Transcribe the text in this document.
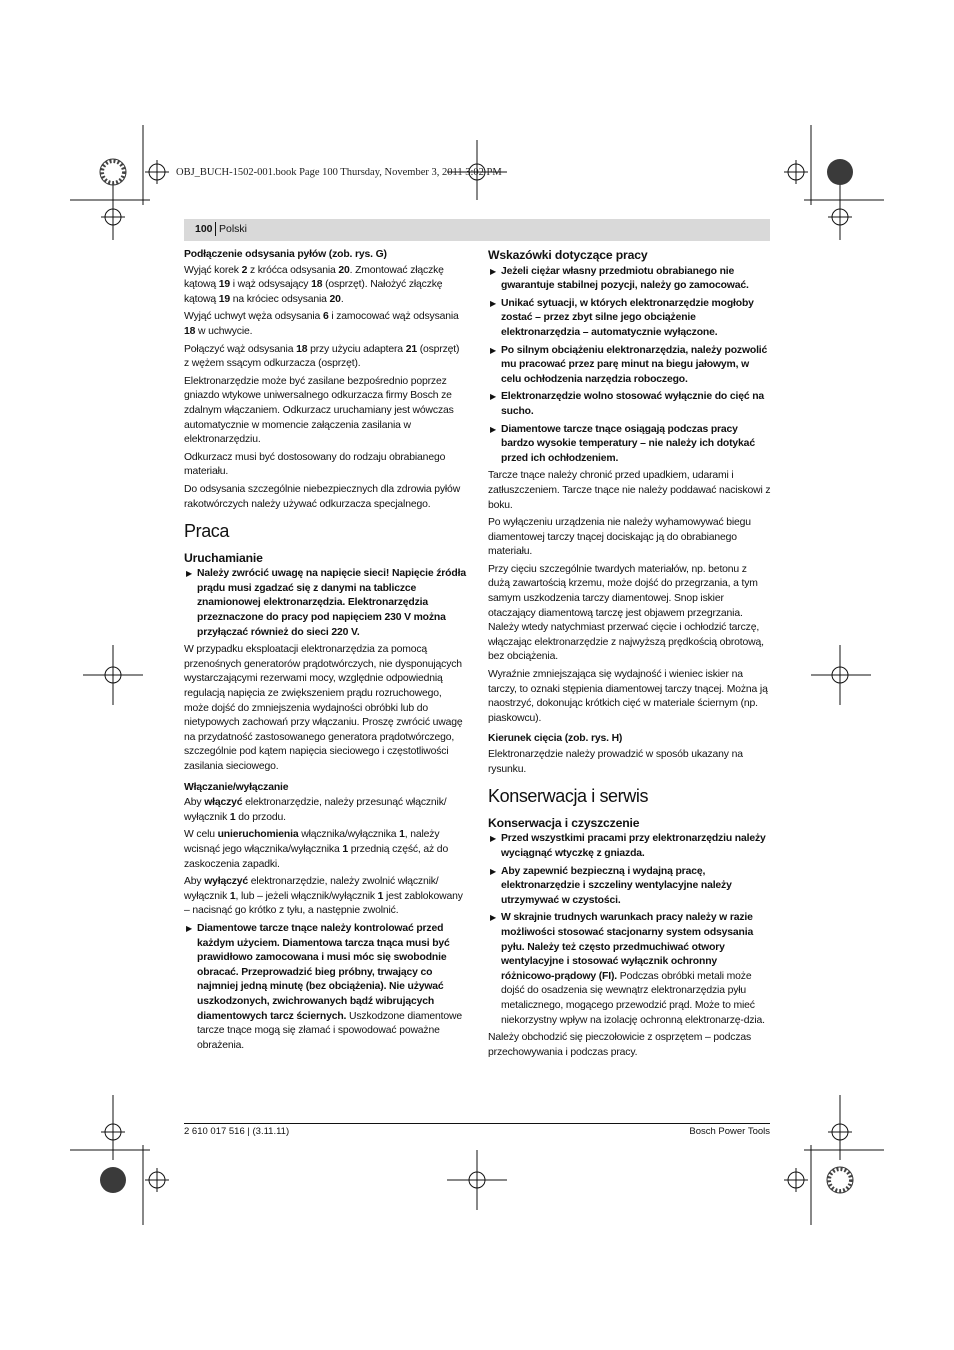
OBJ_BUCH-1502-001.book Page 100 Thursday, November 3, 2011 3:02 PM
100 Polski

Podłączenie odsysania pyłów (zob. rys. G)

Wyjąć korek 2 z króćca odsysania 20. Zmontować złączkę kątową 19 i wąż odsysający 18 (osprzęt). Nałożyć złączkę kątową 19 na króciec odsysania 20.

Wyjąć uchwyt węża odsysania 6 i zamocować wąż odsysania 18 w uchwycie.

Połączyć wąż odsysania 18 przy użyciu adaptera 21 (osprzęt) z wężem ssącym odkurzacza (osprzęt).

Elektronarzędzie może być zasilane bezpośrednio poprzez gniazdo wtykowe uniwersalnego odkurzacza firmy Bosch ze zdalnym włączaniem. Odkurzacz uruchamiany jest wówczas automatycznie w momencie załączenia zasilania w elektronarzędziu.

Odkurzacz musi być dostosowany do rodzaju obrabianego materiału.

Do odsysania szczególnie niebezpiecznych dla zdrowia pyłów rakotwórczych należy używać odkurzacza specjalnego.

Praca

Uruchamianie

▶ Należy zwrócić uwagę na napięcie sieci! Napięcie źródła prądu musi zgadzać się z danymi na tabliczce znamionowej elektronarzędzia. Elektronarzędzia przeznaczone do pracy pod napięciem 230 V można przyłączać również do sieci 220 V.

W przypadku eksploatacji elektronarzędzia za pomocą przenośnych generatorów prądotwórczych, nie dysponujących wystarczającymi rezerwami mocy, względnie odpowiednią regulacją napięcia ze zwiększeniem prądu rozruchowego, może dojść do zmniejszenia wydajności obróbki lub do nietypowych zachowań przy włączaniu. Proszę zwrócić uwagę na przydatność zastosowanego generatora prądotwórczego, szczególnie pod kątem napięcia sieciowego i częstotliwości zasilania sieciowego.

Włączanie/wyłączanie

Aby włączyć elektronarzędzie, należy przesunąć włącznik/ wyłącznik 1 do przodu.

W celu unieruchomienia włącznika/wyłącznika 1, należy wcisnąć jego włącznika/wyłącznika 1 przednią część, aż do zaskoczenia zapadki.

Aby wyłączyć elektronarzędzie, należy zwolnić włącznik/ wyłącznik 1, lub – jeżeli włącznik/wyłącznik 1 jest zablokowany – nacisnąć go krótko z tyłu, a następnie zwolnić.

▶ Diamentowe tarcze tnące należy kontrolować przed każdym użyciem. Diamentowa tarcza tnąca musi być prawidłowo zamocowana i musi móc się swobodnie obracać. Przeprowadzić bieg próbny, trwający co najmniej jedną minutę (bez obciążenia). Nie używać uszkodzonych, zwichrowanych bądź wibrujących diamentowych tarcz ściernych. Uszkodzone diamentowe tarcze tnące mogą się złamać i spowodować poważne obrażenia.

Wskazówki dotyczące pracy

▶ Jeżeli ciężar własny przedmiotu obrabianego nie gwarantuje stabilnej pozycji, należy go zamocować.

▶ Unikać sytuacji, w których elektronarzędzie mogłoby zostać – przez zbyt silne jego obciążenie elektronarzędzia – automatycznie wyłączone.

▶ Po silnym obciążeniu elektronarzędzia, należy pozwolić mu pracować przez parę minut na biegu jałowym, w celu ochłodzenia narzędzia roboczego.

▶ Elektronarzędzie wolno stosować wyłącznie do cięć na sucho.

▶ Diamentowe tarcze tnące osiągają podczas pracy bardzo wysokie temperatury – nie należy ich dotykać przed ich ochłodzeniem.

Tarcze tnące należy chronić przed upadkiem, udarami i zatłuszczeniem. Tarcze tnące nie należy poddawać naciskowi z boku.

Po wyłączeniu urządzenia nie należy wyhamowywać biegu diamentowej tarczy tnącej dociskając ją do obrabianego materiału.

Przy cięciu szczególnie twardych materiałów, np. betonu z dużą zawartością krzemu, może dojść do przegrzania, a tym samym uszkodzenia tarczy diamentowej. Snop iskier otaczający diamentową tarczę jest objawem przegrzania. Należy wtedy natychmiast przerwać cięcie i ochłodzić tarczę, włączając elektronarzędzie z najwyższą prędkością obrotową, bez obciążenia.

Wyraźnie zmniejszająca się wydajność i wieniec iskier na tarczy, to oznaki stępienia diamentowej tarczy tnącej. Można ją naostrzyć, dokonując krótkich cięć w materiale ściernym (np. piaskowcu).

Kierunek cięcia (zob. rys. H)

Elektronarzędzie należy prowadzić w sposób ukazany na rysunku.

Konserwacja i serwis

Konserwacja i czyszczenie

▶ Przed wszystkimi pracami przy elektronarzędziu należy wyciągnąć wtyczkę z gniazda.

▶ Aby zapewnić bezpieczną i wydajną pracę, elektronarzędzie i szczeliny wentylacyjne należy utrzymywać w czystości.

▶ W skrajnie trudnych warunkach pracy należy w razie możliwości stosować stacjonarny system odsysania pyłu. Należy też często przedmuchiwać otwory wentylacyjne i stosować wyłącznik ochronny różnicowo-prądowy (FI). Podczas obróbki metali może dojść do osadzenia się wewnątrz elektronarzędzia pyłu metalicznego, mogącego przewodzić prąd. Może to mieć niekorzystny wpływ na izolację ochronną elektronarzę-dzia.

Należy obchodzić się pieczołowicie z osprzętem – podczas przechowywania i podczas pracy.

2 610 017 516 | (3.11.11)	Bosch Power Tools
